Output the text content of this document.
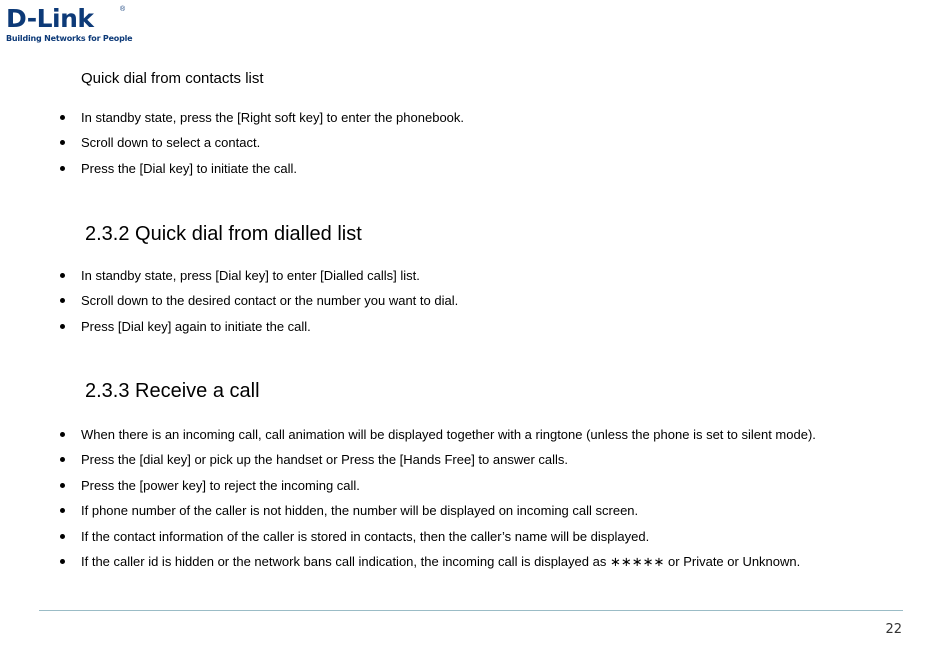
D-Link	®
Building Networks for People
Quick dial from contacts list
In standby state, press the [Right soft key] to enter the phonebook.
Scroll down to select a contact.
Press the [Dial key] to initiate the call.
2.3.2 Quick dial from dialled list
In standby state, press [Dial key] to enter [Dialled calls] list.
Scroll down to the desired contact or the number you want to dial.
Press [Dial key] again to initiate the call.
2.3.3 Receive a call
When there is an incoming call, call animation will be displayed together with a ringtone (unless the phone is set to silent mode).
Press the [dial key] or pick up the handset or Press the [Hands Free] to answer calls.
Press the [power key] to reject the incoming call.
If phone number of the caller is not hidden, the number will be displayed on incoming call screen.
If the contact information of the caller is stored in contacts, then the caller’s name will be displayed.
If the caller id is hidden or the network bans call indication, the incoming call is displayed as ∗∗∗∗∗ or Private or Unknown.
22
